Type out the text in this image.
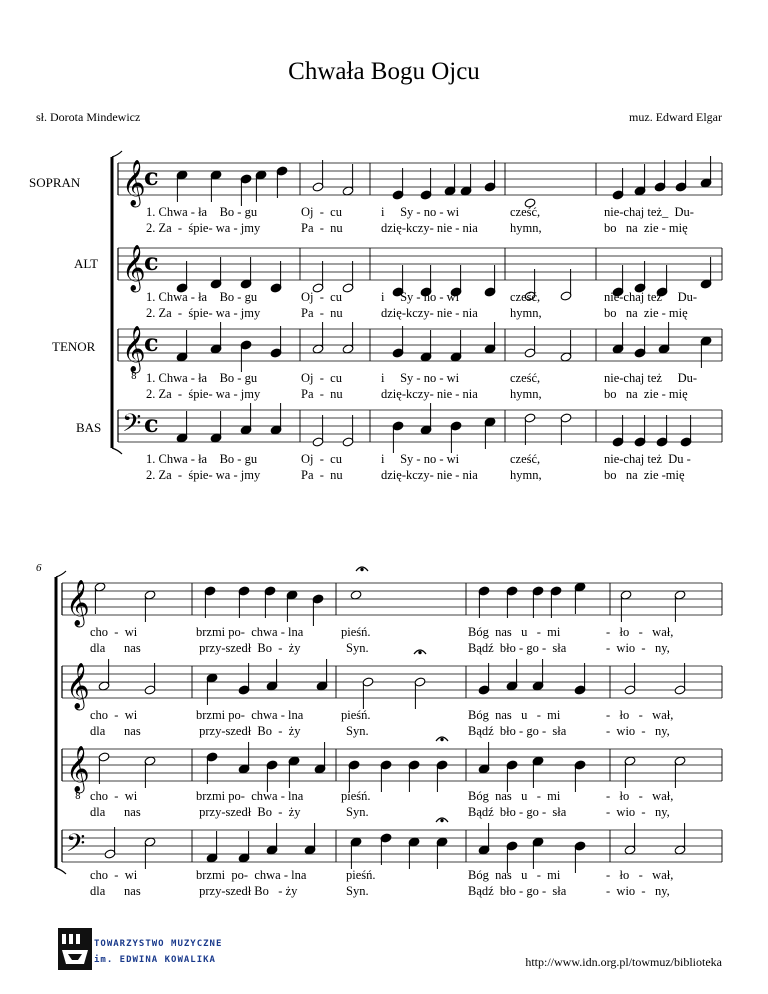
Chwała Bogu Ojcu
sł. Dorota Mindewicz	muz. Edward Elgar
SOPRAN
ALT
TENOR
BAS
6
𝄞
c
𝄞
c
𝄞
8
c
𝄢 c
𝄞
𝄞
𝄞
8
𝄢
1. Chwa - ła    Bo - gu
2. Za  -  śpie- wa - jmy
Oj  -  cu
Pa  -  nu
i     Sy - no - wi
dzię-kczy- nie - nia
cześć,
hymn,
nie-chaj też_  Du-
bo   na  zie - mię
1. Chwa - ła    Bo - gu
2. Za  -  śpie- wa - jmy
Oj  -  cu
Pa  -  nu
i     Sy - no - wi
dzię-kczy- nie - nia
cześć,
hymn,
nie-chaj też     Du-
bo   na  zie - mię
1. Chwa - ła    Bo - gu
2. Za  -  śpie- wa - jmy
Oj  -  cu
Pa  -  nu
i     Sy - no - wi
dzię-kczy- nie - nia
cześć,
hymn,
nie-chaj też     Du-
bo   na  zie - mię
1. Chwa - ła    Bo - gu
2. Za  -  śpie- wa - jmy
Oj  -  cu
Pa  -  nu
i     Sy - no - wi
dzię-kczy- nie - nia
cześć,
hymn,
nie-chaj też  Du -
bo   na  zie -mię
cho  -  wi
dla      nas
brzmi po-  chwa - lna
przy-szedł  Bo  -  ży
pieśń.
Syn.
Bóg  nas   u   -  mi
Bądź  bło - go -  sła
-   ło   -   wał,
-  wio  -   ny,
cho  -  wi
dla      nas
brzmi po-  chwa - lna
przy-szedł  Bo  -  ży
pieśń.
Syn.
Bóg  nas   u   -  mi
Bądź  bło - go -  sła
-   ło   -   wał,
-  wio  -   ny,
cho  -  wi
dla      nas
brzmi po-  chwa - lna
przy-szedł  Bo  -  ży
pieśń.
Syn.
Bóg  nas   u   -  mi
Bądź  bło - go -  sła
-   ło   -   wał,
-  wio  -   ny,
cho  -  wi
dla      nas
brzmi  po-  chwa - lna
przy-szedł Bo   - ży
pieśń.
Syn.
Bóg  nas   u   -  mi
Bądź  bło - go -  sła
-   ło   -   wał,
-  wio  -   ny,
TOWARZYSTWO MUZYCZNE
im. EDWINA KOWALIKA	http://www.idn.org.pl/towmuz/biblioteka
